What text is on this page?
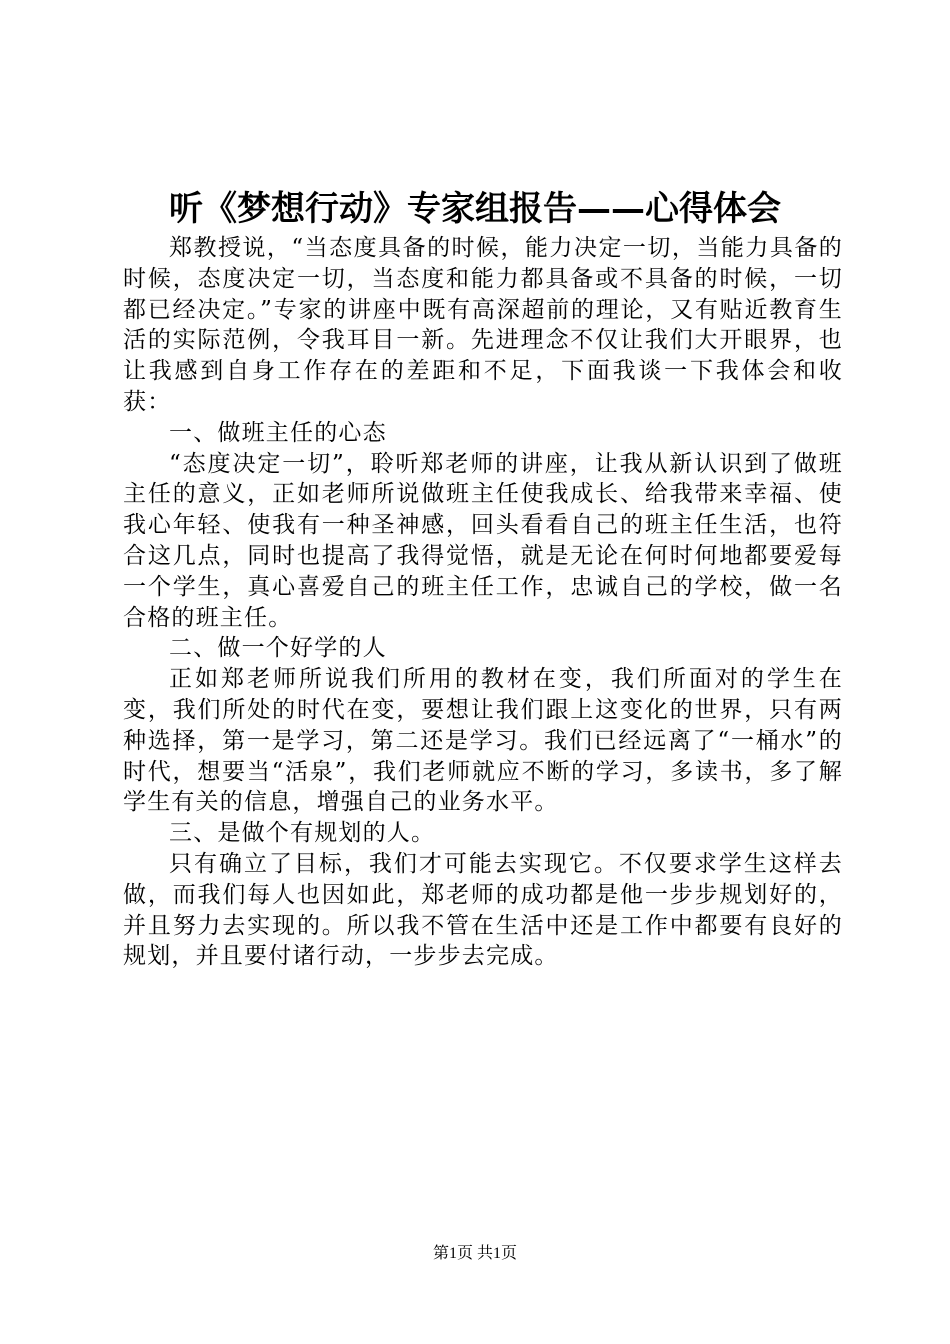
听《梦想行动》专家组报告——心得体会

郑教授说，“当态度具备的时候，能力决定一切，当能力具备的时候，态度决定一切，当态度和能力都具备或不具备的时候，一切都已经决定。”专家的讲座中既有高深超前的理论，又有贴近教育生活的实际范例，令我耳目一新。先进理念不仅让我们大开眼界，也让我感到自身工作存在的差距和不足，下面我谈一下我体会和收获：

一、做班主任的心态

“态度决定一切”，聆听郑老师的讲座，让我从新认识到了做班主任的意义，正如老师所说做班主任使我成长、给我带来幸福、使我心年轻、使我有一种圣神感，回头看看自己的班主任生活，也符合这几点，同时也提高了我得觉悟，就是无论在何时何地都要爱每一个学生，真心喜爱自己的班主任工作，忠诚自己的学校，做一名合格的班主任。

二、做一个好学的人

正如郑老师所说我们所用的教材在变，我们所面对的学生在变，我们所处的时代在变，要想让我们跟上这变化的世界，只有两种选择，第一是学习，第二还是学习。我们已经远离了“一桶水”的时代，想要当“活泉”，我们老师就应不断的学习，多读书，多了解学生有关的信息，增强自己的业务水平。

三、是做个有规划的人。

只有确立了目标，我们才可能去实现它。不仅要求学生这样去做，而我们每人也因如此，郑老师的成功都是他一步步规划好的，并且努力去实现的。所以我不管在生活中还是工作中都要有良好的规划，并且要付诸行动，一步步去完成。

第1页 共1页
